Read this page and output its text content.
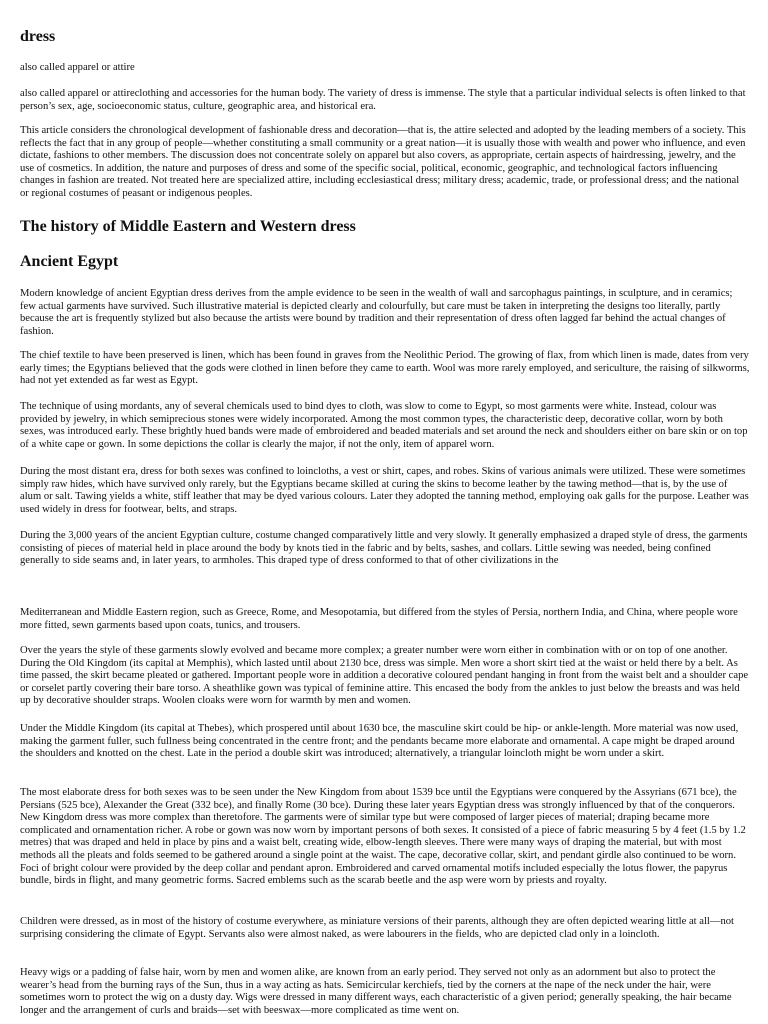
dress

also called apparel or attire

also called apparel or attireclothing and accessories for the human body. The variety of dress is immense. The style that a particular individual selects is often linked to that person’s sex, age, socioeconomic status, culture, geographic area, and historical era.

This article considers the chronological development of fashionable dress and decoration—that is, the attire selected and adopted by the leading members of a society. This reflects the fact that in any group of people—whether constituting a small community or a great nation—it is usually those with wealth and power who influence, and even dictate, fashions to other members. The discussion does not concentrate solely on apparel but also covers, as appropriate, certain aspects of hairdressing, jewelry, and the use of cosmetics. In addition, the nature and purposes of dress and some of the specific social, political, economic, geographic, and technological factors influencing changes in fashion are treated. Not treated here are specialized attire, including ecclesiastical dress; military dress; academic, trade, or professional dress; and the national or regional costumes of peasant or indigenous peoples.

The history of Middle Eastern and Western dress
Ancient Egypt

Modern knowledge of ancient Egyptian dress derives from the ample evidence to be seen in the wealth of wall and sarcophagus paintings, in sculpture, and in ceramics; few actual garments have survived. Such illustrative material is depicted clearly and colourfully, but care must be taken in interpreting the designs too literally, partly because the art is frequently stylized but also because the artists were bound by tradition and their representation of dress often lagged far behind the actual changes of fashion.

The chief textile to have been preserved is linen, which has been found in graves from the Neolithic Period. The growing of flax, from which linen is made, dates from very early times; the Egyptians believed that the gods were clothed in linen before they came to earth. Wool was more rarely employed, and sericulture, the raising of silkworms, had not yet extended as far west as Egypt.

The technique of using mordants, any of several chemicals used to bind dyes to cloth, was slow to come to Egypt, so most garments were white. Instead, colour was provided by jewelry, in which semiprecious stones were widely incorporated. Among the most common types, the characteristic deep, decorative collar, worn by both sexes, was introduced early. These brightly hued bands were made of embroidered and beaded materials and set around the neck and shoulders either on bare skin or on top of a white cape or gown. In some depictions the collar is clearly the major, if not the only, item of apparel worn.

During the most distant era, dress for both sexes was confined to loincloths, a vest or shirt, capes, and robes. Skins of various animals were utilized. These were sometimes simply raw hides, which have survived only rarely, but the Egyptians became skilled at curing the skins to become leather by the tawing method—that is, by the use of alum or salt. Tawing yields a white, stiff leather that may be dyed various colours. Later they adopted the tanning method, employing oak galls for the purpose. Leather was used widely in dress for footwear, belts, and straps.

During the 3,000 years of the ancient Egyptian culture, costume changed comparatively little and very slowly. It generally emphasized a draped style of dress, the garments consisting of pieces of material held in place around the body by knots tied in the fabric and by belts, sashes, and collars. Little sewing was needed, being confined generally to side seams and, in later years, to armholes. This draped type of dress conformed to that of other civilizations in the

Mediterranean and Middle Eastern region, such as Greece, Rome, and Mesopotamia, but differed from the styles of Persia, northern India, and China, where people wore more fitted, sewn garments based upon coats, tunics, and trousers.

Over the years the style of these garments slowly evolved and became more complex; a greater number were worn either in combination with or on top of one another. During the Old Kingdom (its capital at Memphis), which lasted until about 2130 bce, dress was simple. Men wore a short skirt tied at the waist or held there by a belt. As time passed, the skirt became pleated or gathered. Important people wore in addition a decorative coloured pendant hanging in front from the waist belt and a shoulder cape or corselet partly covering their bare torso. A sheathlike gown was typical of feminine attire. This encased the body from the ankles to just below the breasts and was held up by decorative shoulder straps. Woolen cloaks were worn for warmth by men and women.

Under the Middle Kingdom (its capital at Thebes), which prospered until about 1630 bce, the masculine skirt could be hip- or ankle-length. More material was now used, making the garment fuller, such fullness being concentrated in the centre front; and the pendants became more elaborate and ornamental. A cape might be draped around the shoulders and knotted on the chest. Late in the period a double skirt was introduced; alternatively, a triangular loincloth might be worn under a skirt.

The most elaborate dress for both sexes was to be seen under the New Kingdom from about 1539 bce until the Egyptians were conquered by the Assyrians (671 bce), the Persians (525 bce), Alexander the Great (332 bce), and finally Rome (30 bce). During these later years Egyptian dress was strongly influenced by that of the conquerors. New Kingdom dress was more complex than theretofore. The garments were of similar type but were composed of larger pieces of material; draping became more complicated and ornamentation richer. A robe or gown was now worn by important persons of both sexes. It consisted of a piece of fabric measuring 5 by 4 feet (1.5 by 1.2 metres) that was draped and held in place by pins and a waist belt, creating wide, elbow-length sleeves. There were many ways of draping the material, but with most methods all the pleats and folds seemed to be gathered around a single point at the waist. The cape, decorative collar, skirt, and pendant girdle also continued to be worn. Foci of bright colour were provided by the deep collar and pendant apron. Embroidered and carved ornamental motifs included especially the lotus flower, the papyrus bundle, birds in flight, and many geometric forms. Sacred emblems such as the scarab beetle and the asp were worn by priests and royalty.

Children were dressed, as in most of the history of costume everywhere, as miniature versions of their parents, although they are often depicted wearing little at all—not surprising considering the climate of Egypt. Servants also were almost naked, as were labourers in the fields, who are depicted clad only in a loincloth.

Heavy wigs or a padding of false hair, worn by men and women alike, are known from an early period. They served not only as an adornment but also to protect the wearer’s head from the burning rays of the Sun, thus in a way acting as hats. Semicircular kerchiefs, tied by the corners at the nape of the neck under the hair, were sometimes worn to protect the wig on a dusty day. Wigs were dressed in many different ways, each characteristic of a given period; generally speaking, the hair became longer and the arrangement of curls and braids—set with beeswax—more complicated as time went on.
